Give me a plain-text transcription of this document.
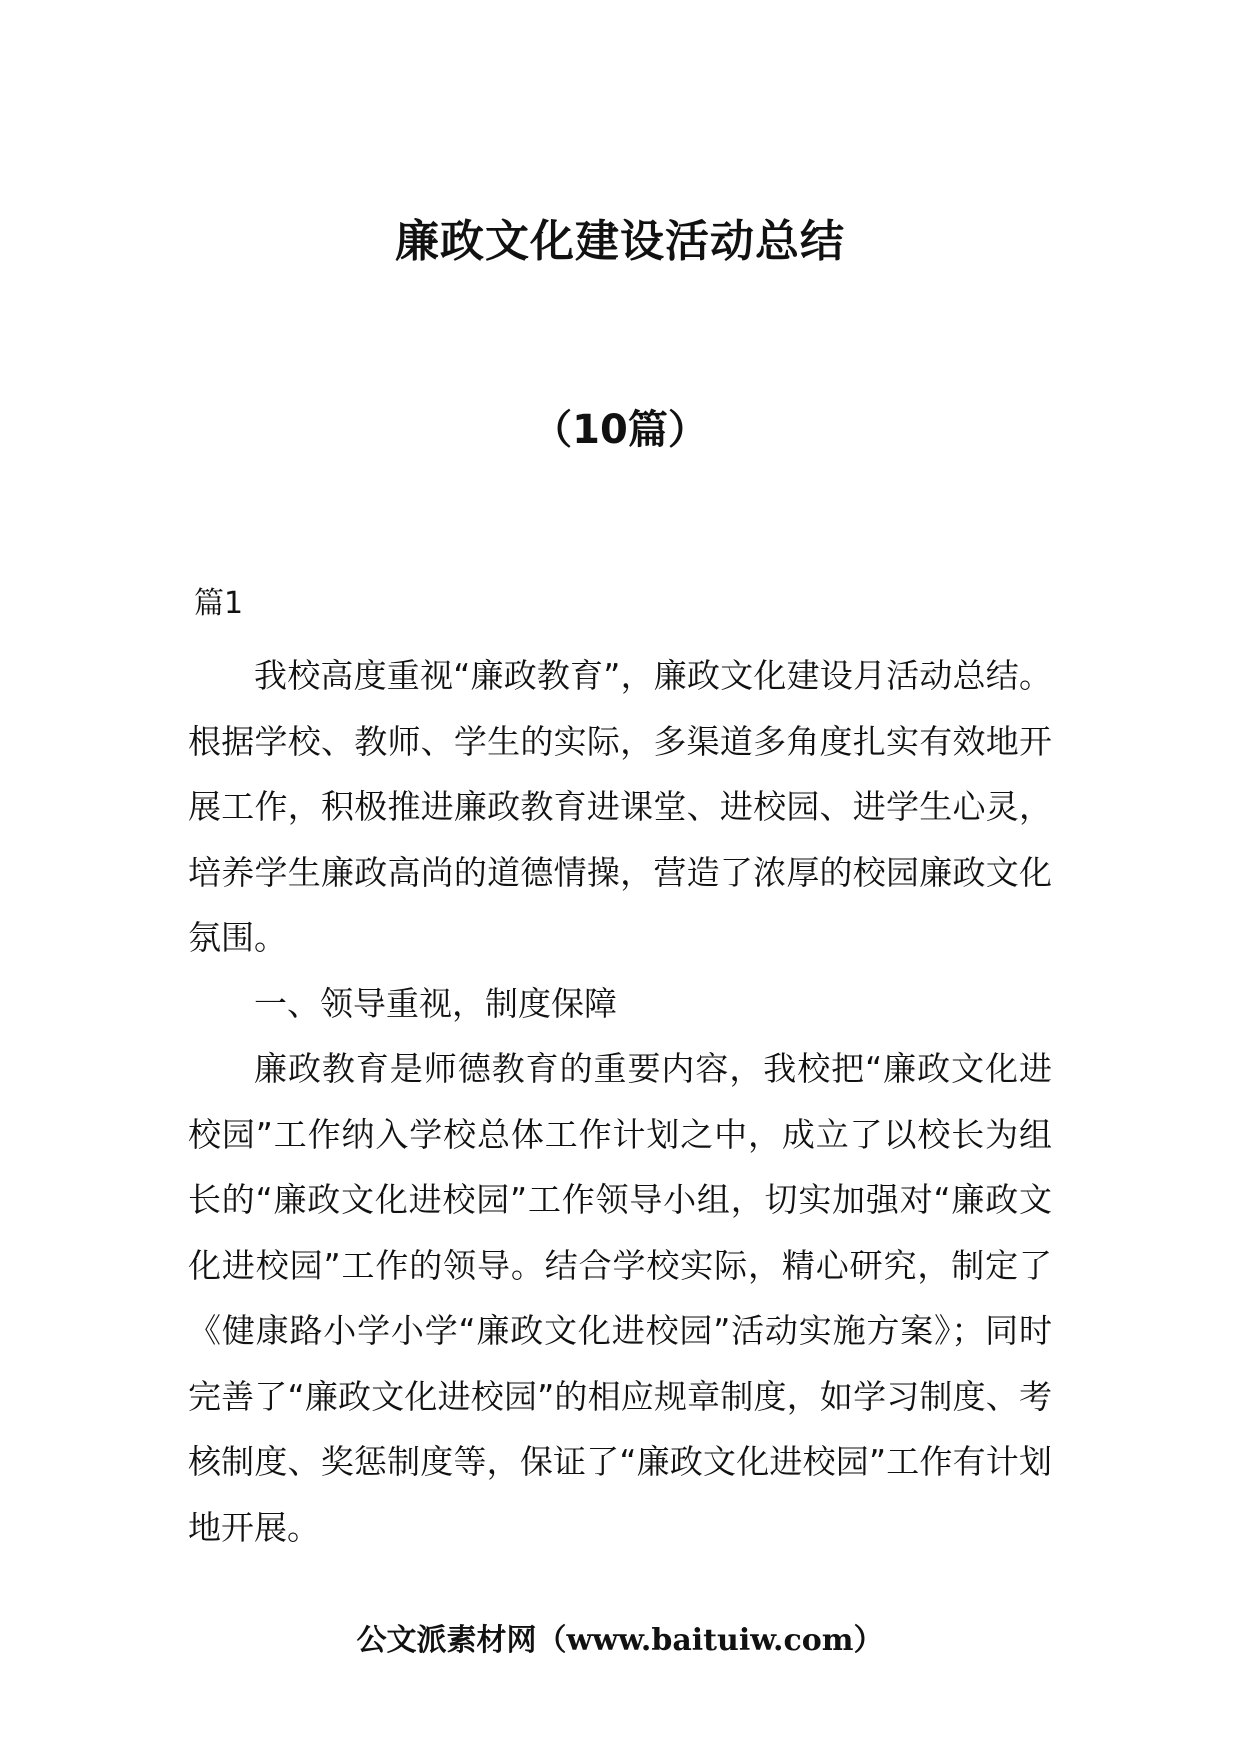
廉政文化建设活动总结
（10篇）

篇1

我校高度重视“廉政教育”，廉政文化建设月活动总结。根据学校、教师、学生的实际，多渠道多角度扎实有效地开展工作，积极推进廉政教育进课堂、进校园、进学生心灵，培养学生廉政高尚的道德情操，营造了浓厚的校园廉政文化氛围。

一、领导重视，制度保障

廉政教育是师德教育的重要内容，我校把“廉政文化进校园”工作纳入学校总体工作计划之中，成立了以校长为组长的“廉政文化进校园”工作领导小组，切实加强对“廉政文化进校园”工作的领导。结合学校实际，精心研究，制定了《健康路小学小学“廉政文化进校园”活动实施方案》；同时完善了“廉政文化进校园”的相应规章制度，如学习制度、考核制度、奖惩制度等，保证了“廉政文化进校园”工作有计划地开展。

公文派素材网（www.baituiw.com）
